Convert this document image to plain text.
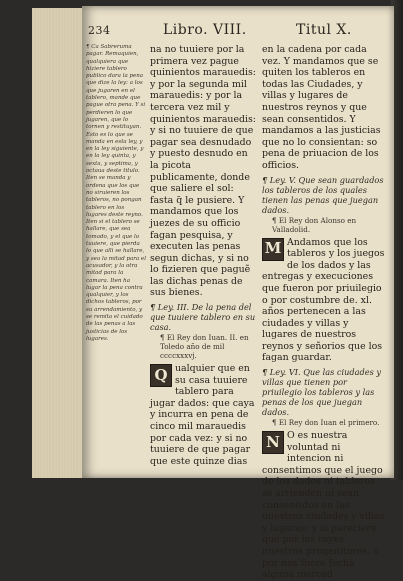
234	Libro. VIII.	Titul X.

¶ Ca Sabreruma pagar. Remaquien, qualquiera que hiziere tablero publico dara la pena que dize la ley: a los que jugaren en el tablero, mande que pague otra pena. Y si perdieren lo que jugaren, que lo tornen y restituyan. Esto es lo que se manda en esta ley, y en la ley siguiente, y en la ley quinta, y sexta, y septima, y octaua deste titulo. Iten se manda y ordena que los que no siruieren los tableros, no pongan tablero en los lugares deste reyno. Iten si el tablero se hallare, que sea tomado, y el que lo tuuiere, que pierda lo que alli se hallare, y sea la mitad para el acusador, y la otra mitad para la camara. Iten ha lugar la pena contra qualquier, y los dichos tableros, por su arrendamiento, y se remita el cuidado de las penas a las justicias de los lugares.

na no tuuiere por la primera vez pague quinientos marauedis: y por la segunda mil marauedis: y por la tercera vez mil y quinientos marauedis: y si no tuuiere de que pagar sea desnudado y puesto desnudo en la picota publicamente, donde que saliere el sol: fasta q̃ le pusiere. Y mandamos que los juezes de su officio fagan pesquisa, y executen las penas segun dichas, y si no lo fizieren que paguẽ las dichas penas de sus bienes.

¶ Ley. III. De la pena del que tuuiere tablero en su casa.

¶ El Rey don Iuan. II. en Toledo año de mil ccccxxxvj.

Q ualquier que en su casa tuuiere tablero para jugar dados: que caya y incurra en pena de cinco mil marauedis por cada vez: y si no tuuiere de que pagar que este quinze dias

en la cadena por cada vez. Y mandamos que se quiten los tableros en todas las Ciudades, y villas y lugares de nuestros reynos y que sean consentidos. Y mandamos a las justicias que no lo consientan: so pena de priuacion de los officios.

¶ Ley. V. Que sean guardados los tableros de los quales tienen las penas que juegan dados.

¶ El Rey don Alonso en Valladolid.

M Andamos que los tableros y los juegos de los dados y las entregas y execuciones que fueron por priuilegio o por costumbre de. xl. años pertenecen a las ciudades y villas y lugares de nuestros reynos y señorios que los fagan guardar.

¶ Ley. VI. Que las ciudades y villas que tienen por priuilegio los tableros y las penas de los que juegan dados.

¶ El Rey don Iuan el primero.

N O es nuestra voluntad ni intencion ni consentimos que el juego de los dados ni tableros se arrienden ni sean consentidos en las nuestras ciudades y villas y lugares: y si pareciere que por los reyes nuestros progenitores: o por nos fuere fecha alguna merced
